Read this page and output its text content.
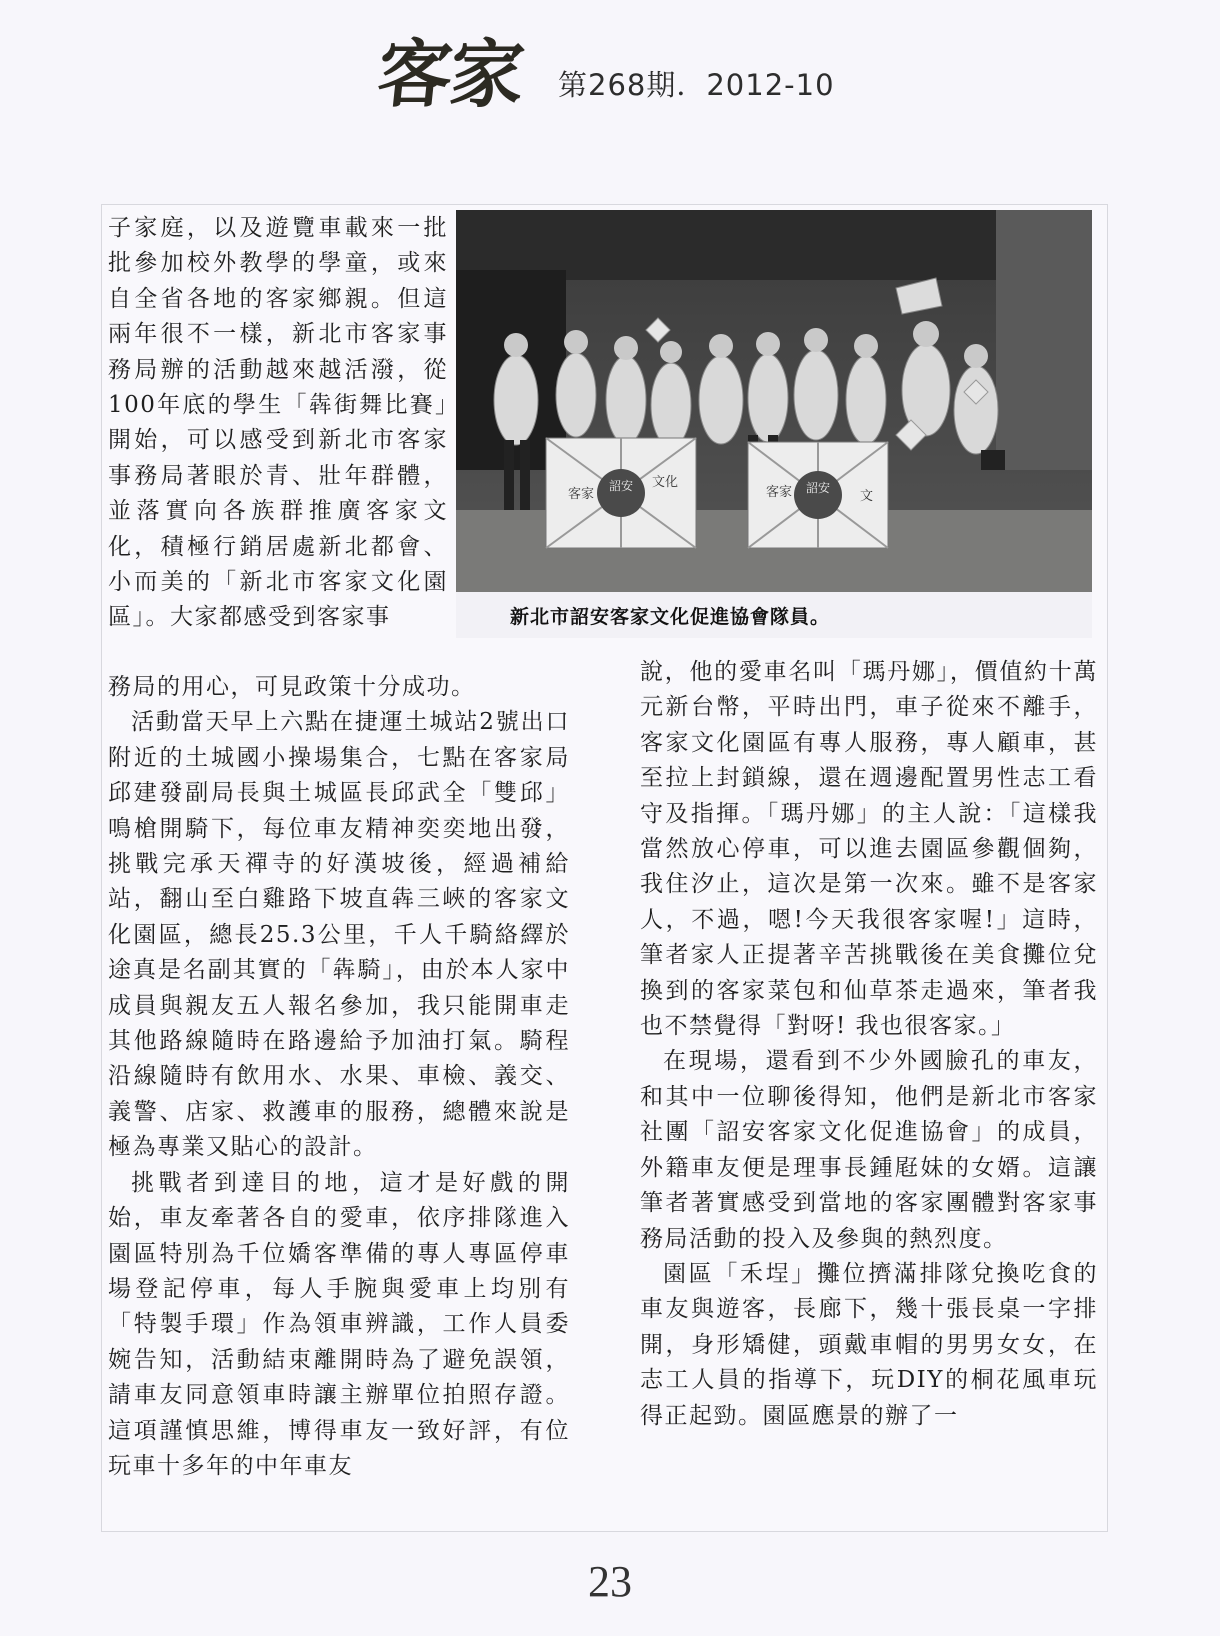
客家 第268期．2012-10
詔安
客家
文化	詔安
客家	文
新北市詔安客家文化促進協會隊員。

子家庭，以及遊覽車載來一批批參加校外教學的學童，或來自全省各地的客家鄉親。但這兩年很不一樣，新北市客家事務局辦的活動越來越活潑，從100年底的學生「犇街舞比賽」開始，可以感受到新北市客家事務局著眼於青、壯年群體，並落實向各族群推廣客家文化，積極行銷居處新北都會、小而美的「新北市客家文化園區」。大家都感受到客家事

務局的用心，可見政策十分成功。

活動當天早上六點在捷運土城站2號出口附近的土城國小操場集合，七點在客家局邱建發副局長與土城區長邱武全「雙邱」鳴槍開騎下，每位車友精神奕奕地出發，挑戰完承天禪寺的好漢坡後，經過補給站，翻山至白雞路下坡直犇三峽的客家文化園區，總長25.3公里，千人千騎絡繹於途真是名副其實的「犇騎」，由於本人家中成員與親友五人報名參加，我只能開車走其他路線隨時在路邊給予加油打氣。騎程沿線隨時有飲用水、水果、車檢、義交、義警、店家、救護車的服務，總體來說是極為專業又貼心的設計。

挑戰者到達目的地，這才是好戲的開始，車友牽著各自的愛車，依序排隊進入園區特別為千位嬌客準備的專人專區停車場登記停車，每人手腕與愛車上均別有「特製手環」作為領車辨識，工作人員委婉告知，活動結束離開時為了避免誤領，請車友同意領車時讓主辦單位拍照存證。這項謹慎思維，博得車友一致好評，有位玩車十多年的中年車友

說，他的愛車名叫「瑪丹娜」，價值約十萬元新台幣，平時出門，車子從來不離手，客家文化園區有專人服務，專人顧車，甚至拉上封鎖線，還在週邊配置男性志工看守及指揮。「瑪丹娜」的主人說：「這樣我當然放心停車，可以進去園區參觀個夠，我住汐止，這次是第一次來。雖不是客家人，不過，嗯!今天我很客家喔!」這時，筆者家人正提著辛苦挑戰後在美食攤位兌換到的客家菜包和仙草茶走過來，筆者我也不禁覺得「對呀! 我也很客家。」

在現場，還看到不少外國臉孔的車友，和其中一位聊後得知，他們是新北市客家社團「詔安客家文化促進協會」的成員，外籍車友便是理事長鍾屘妹的女婿。這讓筆者著實感受到當地的客家團體對客家事務局活動的投入及參與的熱烈度。

園區「禾埕」攤位擠滿排隊兌換吃食的車友與遊客，長廊下，幾十張長桌一字排開，身形矯健，頭戴車帽的男男女女，在志工人員的指導下，玩DIY的桐花風車玩得正起勁。園區應景的辦了一

23
